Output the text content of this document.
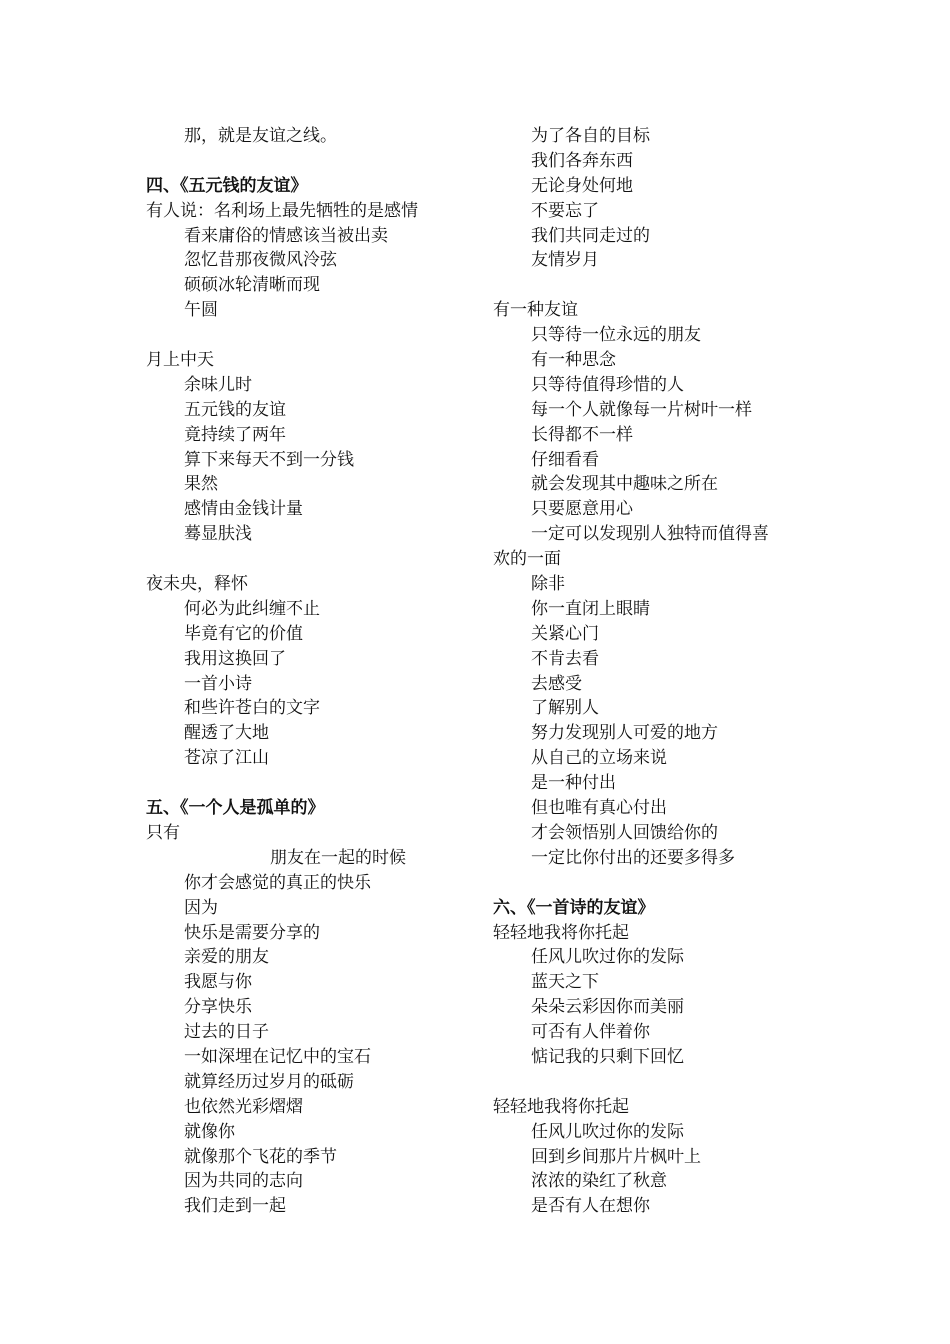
那，就是友谊之线。
四、《五元钱的友谊》
有人说：名利场上最先牺牲的是感情
看来庸俗的情感该当被出卖
忽忆昔那夜微风泠弦
硕硕冰轮清晰而现
午圆
月上中天
余味儿时
五元钱的友谊
竟持续了两年
算下来每天不到一分钱
果然
感情由金钱计量
蓦显肤浅
夜未央，释怀
何必为此纠缠不止
毕竟有它的价值
我用这换回了
一首小诗
和些许苍白的文字
醒透了大地
苍凉了江山
五、《一个人是孤单的》
只有
朋友在一起的时候
你才会感觉的真正的快乐
因为
快乐是需要分享的
亲爱的朋友
我愿与你
分享快乐
过去的日子
一如深埋在记忆中的宝石
就算经历过岁月的砥砺
也依然光彩熠熠
就像你
就像那个飞花的季节
因为共同的志向
我们走到一起
为了各自的目标
我们各奔东西
无论身处何地
不要忘了
我们共同走过的
友情岁月
有一种友谊
只等待一位永远的朋友
有一种思念
只等待值得珍惜的人
每一个人就像每一片树叶一样
长得都不一样
仔细看看
就会发现其中趣味之所在
只要愿意用心
一定可以发现别人独特而值得喜
欢的一面
除非
你一直闭上眼睛
关紧心门
不肯去看
去感受
了解别人
努力发现别人可爱的地方
从自己的立场来说
是一种付出
但也唯有真心付出
才会领悟别人回馈给你的
一定比你付出的还要多得多
六、《一首诗的友谊》
轻轻地我将你托起
任风儿吹过你的发际
蓝天之下
朵朵云彩因你而美丽
可否有人伴着你
惦记我的只剩下回忆
轻轻地我将你托起
任风儿吹过你的发际
回到乡间那片片枫叶上
浓浓的染红了秋意
是否有人在想你
